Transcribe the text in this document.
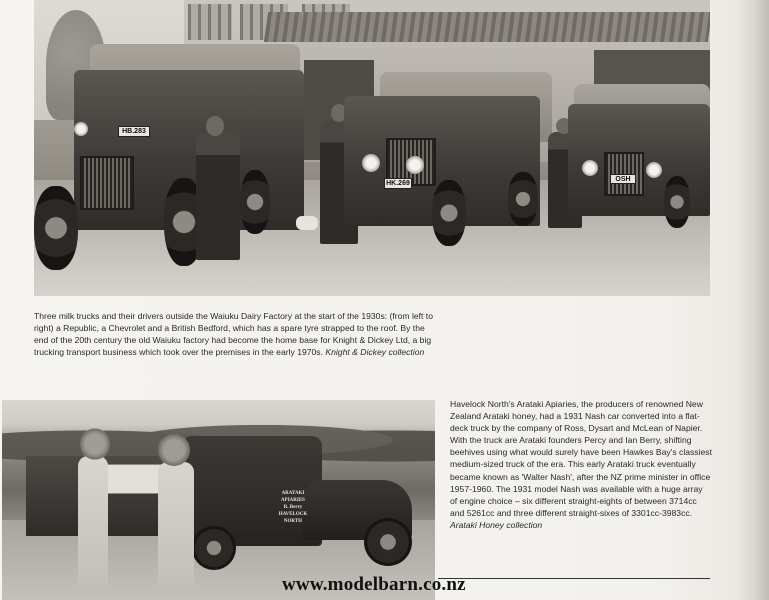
HB.283
HK.269
OSH
Three milk trucks and their drivers outside the Waiuku Dairy Factory at the start of the 1930s: (from left to right) a Republic, a Chevrolet and a British Bedford, which has a spare tyre strapped to the roof. By the end of the 20th century the old Waiuku factory had become the home base for Knight & Dickey Ltd, a big trucking transport business which took over the premises in the early 1970s. Knight & Dickey collection
ARATAKI APIARIES
R. Berry
HAVELOCK NORTH
Havelock North's Arataki Apiaries, the producers of renowned New Zealand Arataki honey, had a 1931 Nash car converted into a flat-deck truck by the company of Ross, Dysart and McLean of Napier. With the truck are Arataki founders Percy and Ian Berry, shifting beehives using what would surely have been Hawkes Bay's classiest medium-sized truck of the era. This early Arataki truck eventually became known as 'Walter Nash', after the NZ prime minister in office 1957-1960. The 1931 model Nash was available with a huge array of engine choice – six different straight-eights of between 3714cc and 5261cc and three different straight-sixes of 3301cc-3983cc. Arataki Honey collection
www.modelbarn.co.nz
